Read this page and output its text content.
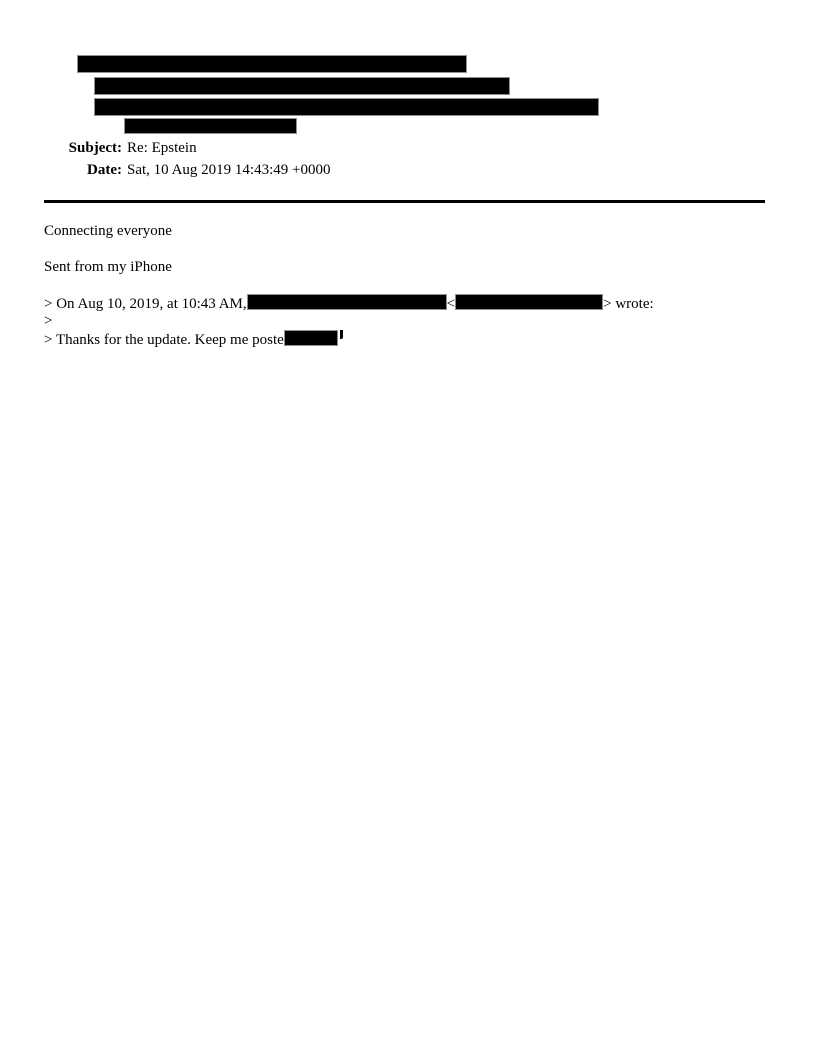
Subject: Re: Epstein
Date: Sat, 10 Aug 2019 14:43:49 +0000
Connecting everyone
Sent from my iPhone
> On Aug 10, 2019, at 10:43 AM,	<	> wrote:
>
> Thanks for the update. Keep me poste
